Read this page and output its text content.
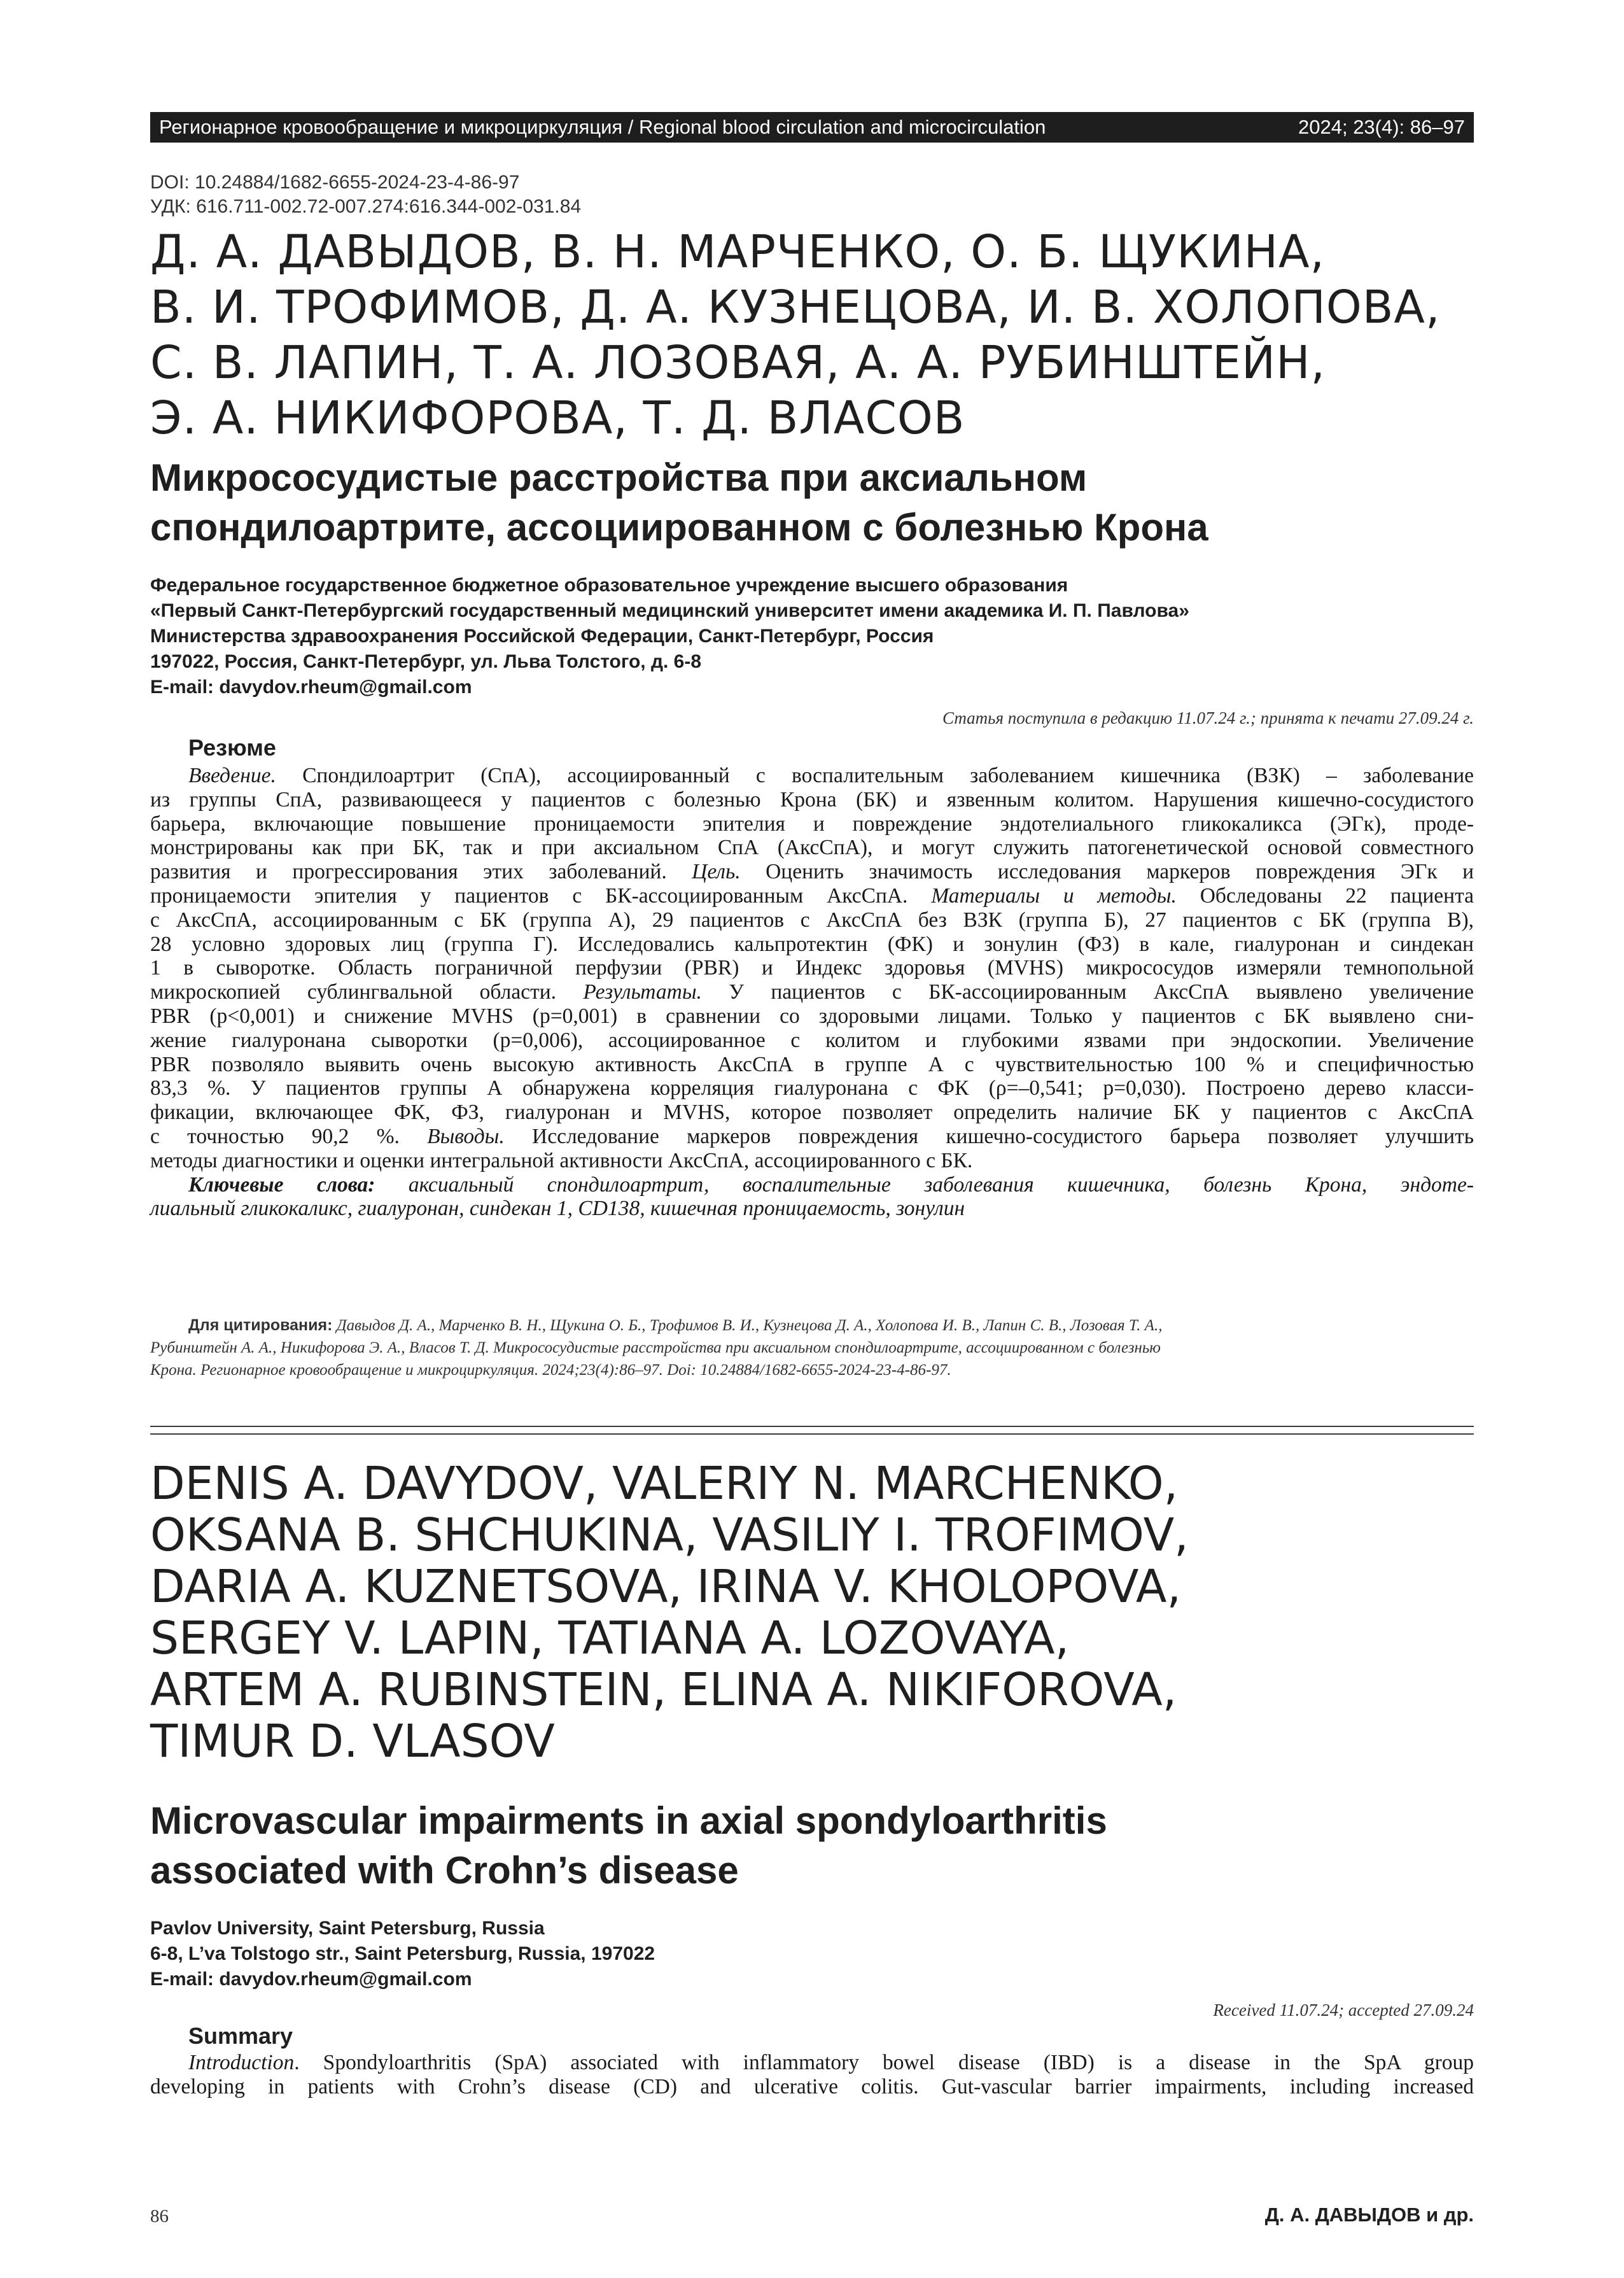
Регионарное кровообращение и микроциркуляция / Regional blood circulation and microcirculation	2024; 23(4): 86–97
DOI: 10.24884/1682-6655-2024-23-4-86-97
УДК: 616.711-002.72-007.274:616.344-002-031.84
Д. А. ДАВЫДОВ, В. Н. МАРЧЕНКО, О. Б. ЩУКИНА,
В. И. ТРОФИМОВ, Д. А. КУЗНЕЦОВА, И. В. ХОЛОПОВА,
С. В. ЛАПИН, Т. А. ЛОЗОВАЯ, А. А. РУБИНШТЕЙН,
Э. А. НИКИФОРОВА, Т. Д. ВЛАСОВ
Микрососудистые расстройства при аксиальном
спондилоартрите, ассоциированном с болезнью Крона
Федеральное государственное бюджетное образовательное учреждение высшего образования
«Первый Санкт-Петербургский государственный медицинский университет имени академика И. П. Павлова»
Министерства здравоохранения Российской Федерации, Санкт-Петербург, Россия
197022, Россия, Санкт-Петербург, ул. Льва Толстого, д. 6-8
E-mail: davydov.rheum@gmail.com
Статья поступила в редакцию 11.07.24 г.; принята к печати 27.09.24 г.
Резюме
Введение. Спондилоартрит (СпА), ассоциированный с воспалительным заболеванием кишечника (ВЗК) – заболевание
из группы СпА, развивающееся у пациентов с болезнью Крона (БК) и язвенным колитом. Нарушения кишечно-сосудистого
барьера, включающие повышение проницаемости эпителия и повреждение эндотелиального гликокаликса (ЭГк), проде-
монстрированы как при БК, так и при аксиальном СпА (АксСпА), и могут служить патогенетической основой совместного
развития и прогрессирования этих заболеваний. Цель. Оценить значимость исследования маркеров повреждения ЭГк и
проницаемости эпителия у пациентов с БК-ассоциированным АксСпА. Материалы и методы. Обследованы 22 пациента
с АксСпА, ассоциированным с БК (группа А), 29 пациентов с АксСпА без ВЗК (группа Б), 27 пациентов с БК (группа В),
28 условно здоровых лиц (группа Г). Исследовались кальпротектин (ФК) и зонулин (ФЗ) в кале, гиалуронан и синдекан
1 в сыворотке. Область пограничной перфузии (PBR) и Индекс здоровья (MVHS) микрососудов измеряли темнопольной
микроскопией сублингвальной области. Результаты. У пациентов с БК-ассоциированным АксСпА выявлено увеличение
PBR (p<0,001) и снижение MVHS (p=0,001) в сравнении со здоровыми лицами. Только у пациентов с БК выявлено сни-
жение гиалуронана сыворотки (p=0,006), ассоциированное с колитом и глубокими язвами при эндоскопии. Увеличение
PBR позволяло выявить очень высокую активность АксСпА в группе А с чувствительностью 100 % и специфичностью
83,3 %. У пациентов группы А обнаружена корреляция гиалуронана с ФК (ρ=–0,541; p=0,030). Построено дерево класси-
фикации, включающее ФК, ФЗ, гиалуронан и MVHS, которое позволяет определить наличие БК у пациентов с АксСпА
с точностью 90,2 %. Выводы. Исследование маркеров повреждения кишечно-сосудистого барьера позволяет улучшить
методы диагностики и оценки интегральной активности АксСпА, ассоциированного с БК.
Ключевые слова: аксиальный спондилоартрит, воспалительные заболевания кишечника, болезнь Крона, эндоте-
лиальный гликокаликс, гиалуронан, синдекан 1, CD138, кишечная проницаемость, зонулин
Для цитирования: Давыдов Д. А., Марченко В. Н., Щукина О. Б., Трофимов В. И., Кузнецова Д. А., Холопова И. В., Лапин С. В., Лозовая Т. А.,
Рубинштейн А. А., Никифорова Э. А., Власов Т. Д. Микрососудистые расстройства при аксиальном спондилоартрите, ассоциированном с болезнью
Крона. Регионарное кровообращение и микроциркуляция. 2024;23(4):86–97. Doi: 10.24884/1682-6655-2024-23-4-86-97.
DENIS A. DAVYDOV, VALERIY N. MARCHENKO,
OKSANA B. SHCHUKINA, VASILIY I. TROFIMOV,
DARIA A. KUZNETSOVA, IRINA V. KHOLOPOVA,
SERGEY V. LAPIN, TATIANA A. LOZOVAYA,
ARTEM A. RUBINSTEIN, ELINA A. NIKIFOROVA,
TIMUR D. VLASOV
Microvascular impairments in axial spondyloarthritis
associated with Crohn’s disease
Pavlov University, Saint Petersburg, Russia
6-8, L’va Tolstogo str., Saint Petersburg, Russia, 197022
E-mail: davydov.rheum@gmail.com
Received 11.07.24; accepted 27.09.24
Summary
Introduction. Spondyloarthritis (SpA) associated with inflammatory bowel disease (IBD) is a disease in the SpA group
developing in patients with Crohn’s disease (CD) and ulcerative colitis. Gut-vascular barrier impairments, including increased
86	Д. А. ДАВЫДОВ и др.
